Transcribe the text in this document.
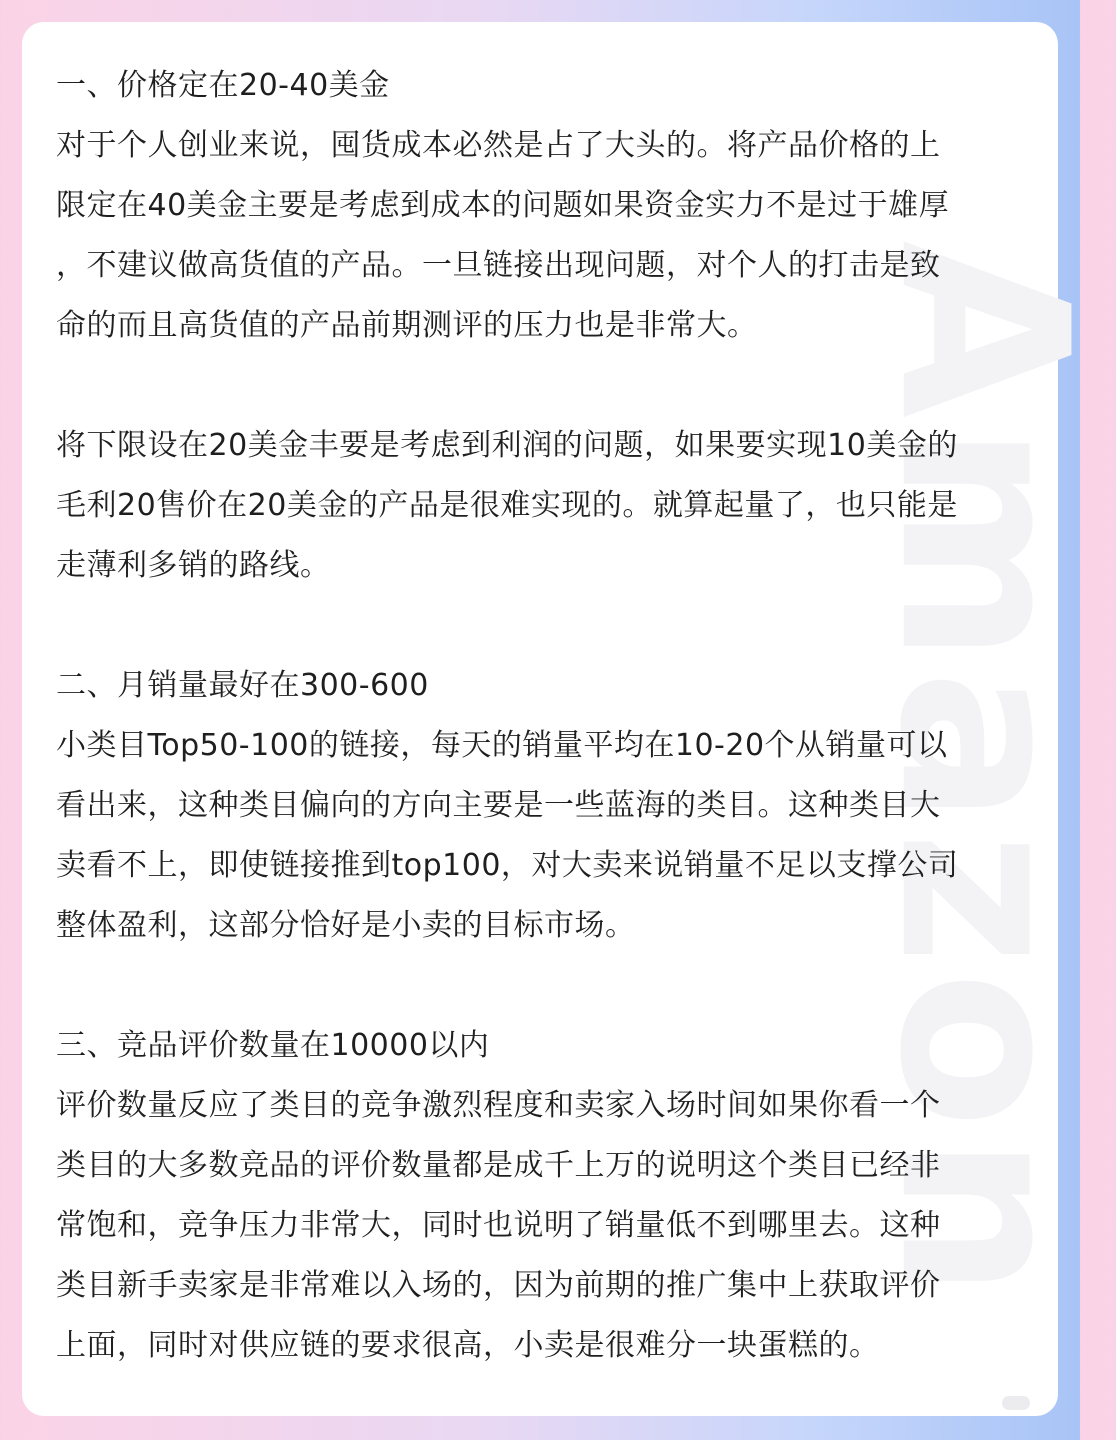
Amazon

一、价格定在20-40美金

对于个人创业来说，囤货成本必然是占了大头的。将产品价格的上

限定在40美金主要是考虑到成本的问题如果资金实力不是过于雄厚

，不建议做高货值的产品。一旦链接出现问题，对个人的打击是致

命的而且高货值的产品前期测评的压力也是非常大。

将下限设在20美金丰要是考虑到利润的问题，如果要实现10美金的

毛利20售价在20美金的产品是很难实现的。就算起量了，也只能是

走薄利多销的路线。

二、月销量最好在300-600

小类目Top50-100的链接，每天的销量平均在10-20个从销量可以

看出来，这种类目偏向的方向主要是一些蓝海的类目。这种类目大

卖看不上，即使链接推到top100，对大卖来说销量不足以支撑公司

整体盈利，这部分恰好是小卖的目标市场。

三、竞品评价数量在10000以内

评价数量反应了类目的竞争激烈程度和卖家入场时间如果你看一个

类目的大多数竞品的评价数量都是成千上万的说明这个类目已经非

常饱和，竞争压力非常大，同时也说明了销量低不到哪里去。这种

类目新手卖家是非常难以入场的，因为前期的推广集中上获取评价

上面，同时对供应链的要求很高，小卖是很难分一块蛋糕的。
